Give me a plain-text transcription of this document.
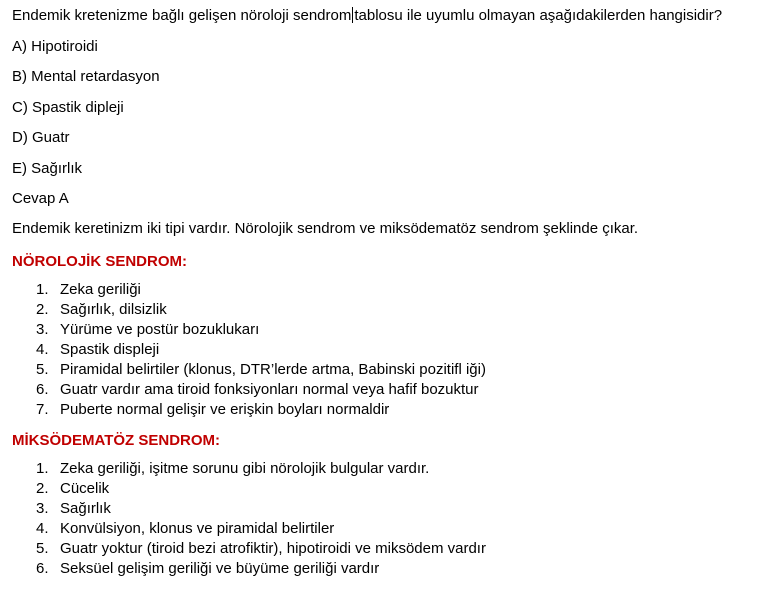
Endemik kretenizme bağlı gelişen nöroloji sendrom tablosu ile uyumlu olmayan aşağıdakilerden hangisidir?
A) Hipotiroidi
B) Mental retardasyon
C) Spastik dipleji
D) Guatr
E) Sağırlık
Cevap A
Endemik keretinizm iki tipi vardır. Nörolojik sendrom ve miksödematöz sendrom şeklinde çıkar.
NÖROLOJİK SENDROM:
1. Zeka geriliği
2. Sağırlık, dilsizlik
3. Yürüme ve postür bozuklukarı
4. Spastik displeji
5. Piramidal belirtiler (klonus, DTR’lerde artma, Babinski pozitifl iği)
6. Guatr vardır ama tiroid fonksiyonları normal veya hafif bozuktur
7. Puberte normal gelişir ve erişkin boyları normaldir
MİKSÖDEMATÖZ SENDROM:
1. Zeka geriliği, işitme sorunu gibi nörolojik bulgular vardır.
2. Cücelik
3. Sağırlık
4. Konvülsiyon, klonus ve piramidal belirtiler
5. Guatr yoktur (tiroid bezi atrofiktir), hipotiroidi ve miksödem vardır
6. Seksüel gelişim geriliği ve büyüme geriliği vardır
